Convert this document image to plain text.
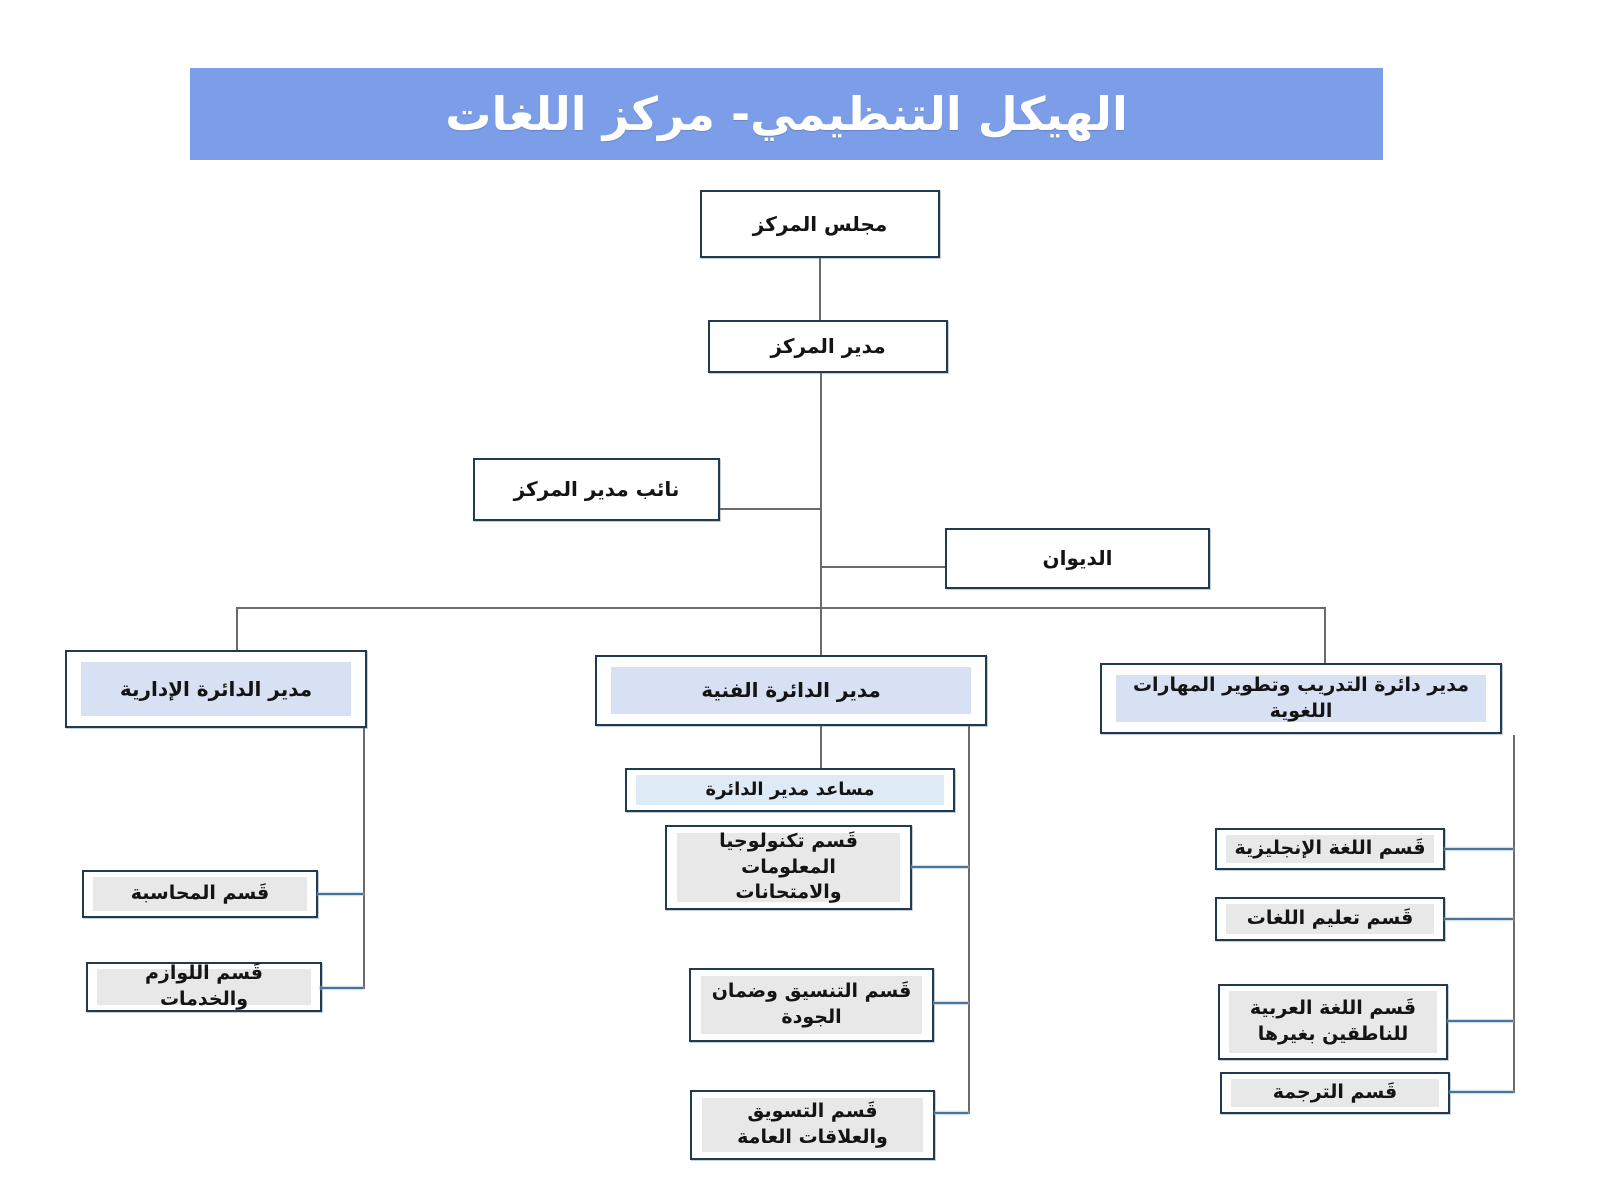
الهيكل التنظيمي- مركز اللغات
مجلس المركز
مدير المركز
نائب مدير المركز
الديوان
مدير الدائرة الإدارية	مدير الدائرة الفنية	مدير دائرة التدريب وتطوير المهارات اللغوية
مساعد مدير الدائرة
قَسم المحاسبة
قَسم اللوازم والخدمات
قَسم تكنولوجيا المعلومات والامتحانات
قَسم التنسيق وضمان الجودة
قَسم التسويق والعلاقات العامة
قَسم اللغة الإنجليزية
قَسم تعليم اللغات
قَسم اللغة العربية للناطقين بغيرها
قَسم الترجمة
